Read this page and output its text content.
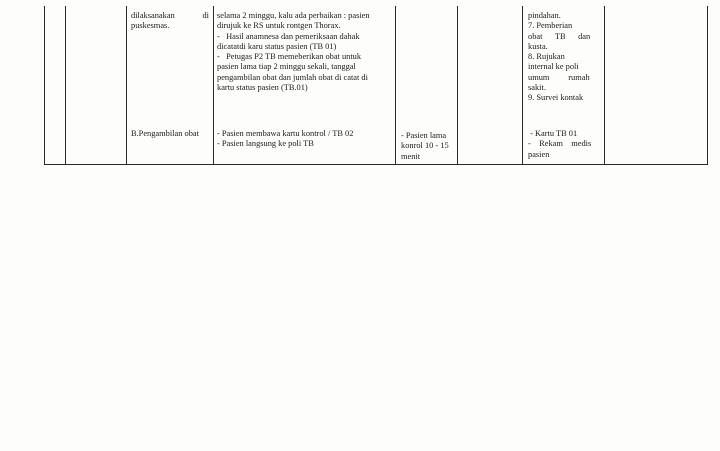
dilaksanakan	di
puskesmas.
selama 2 minggu, kalu ada perbaikan : pasien
dirujuk ke RS untuk rontgen Thorax.
-   Hasil anamnesa dan pemeriksaan dahak
dicatatdi karu status pasien (TB 01)
-   Petugas P2 TB memeberikan obat untuk
pasien lama tiap 2 minggu sekali, tanggal
pengambilan obat dan jumlah obat di catat di
kartu status pasien (TB.01)
pindahan.
7. Pemberian
obat      TB      dan
kusta.
8. Rujukan
internal ke poli
umum         rumah
sakit.
9. Survei kontak
B.Pengambilan obat	- Pasien membawa kartu kontrol / TB 02
- Pasien langsung ke poli TB
- Pasien lama
konrol 10 - 15
menit
- Kartu TB 01
-    Rekam    medis
pasien
